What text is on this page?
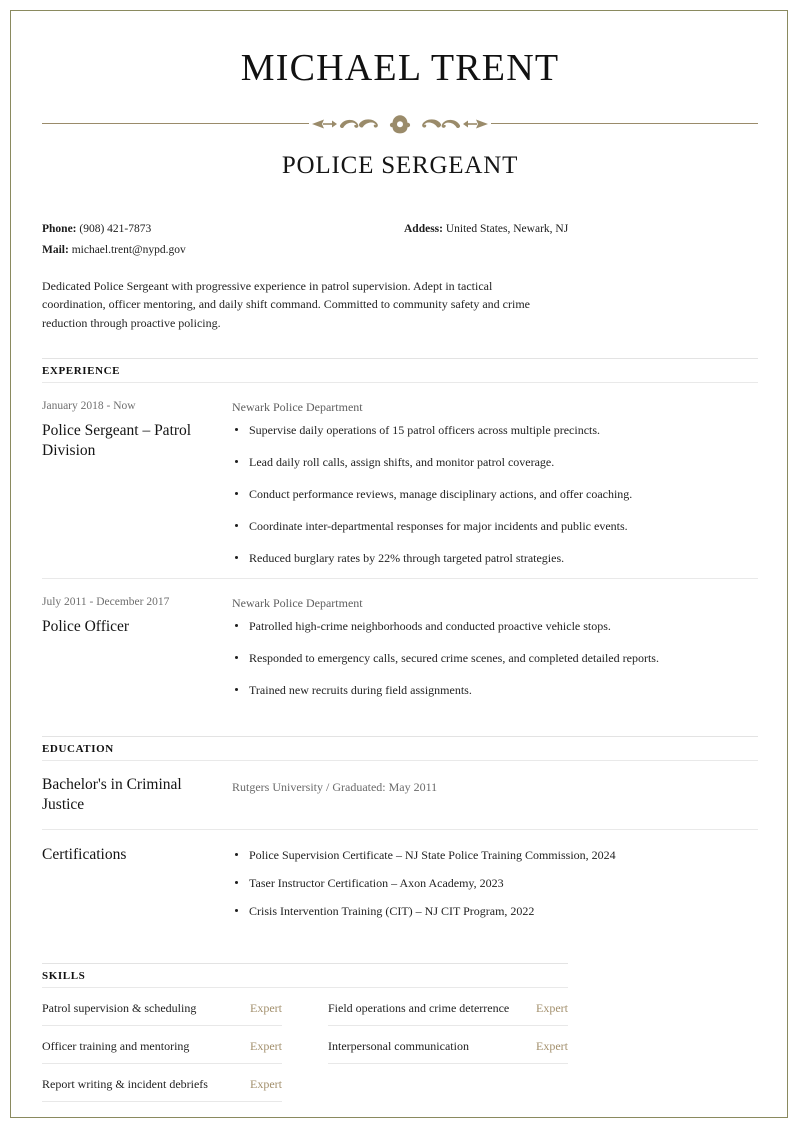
MICHAEL TRENT
POLICE SERGEANT
Phone: (908) 421-7873
Mail: michael.trent@nypd.gov
Addess: United States, Newark, NJ
Dedicated Police Sergeant with progressive experience in patrol supervision. Adept in tactical coordination, officer mentoring, and daily shift command. Committed to community safety and crime reduction through proactive policing.
EXPERIENCE
January 2018 - Now
Police Sergeant – Patrol Division
Newark Police Department
Supervise daily operations of 15 patrol officers across multiple precincts.
Lead daily roll calls, assign shifts, and monitor patrol coverage.
Conduct performance reviews, manage disciplinary actions, and offer coaching.
Coordinate inter-departmental responses for major incidents and public events.
Reduced burglary rates by 22% through targeted patrol strategies.
July 2011 - December 2017
Police Officer
Newark Police Department
Patrolled high-crime neighborhoods and conducted proactive vehicle stops.
Responded to emergency calls, secured crime scenes, and completed detailed reports.
Trained new recruits during field assignments.
EDUCATION
Bachelor's in Criminal Justice
Rutgers University / Graduated: May 2011
Certifications	Police Supervision Certificate – NJ State Police Training Commission, 2024
Taser Instructor Certification – Axon Academy, 2023
Crisis Intervention Training (CIT) – NJ CIT Program, 2022
SKILLS
Patrol supervision & scheduling	Expert
Officer training and mentoring	Expert
Report writing & incident debriefs	Expert
Field operations and crime deterrence	Expert
Interpersonal communication	Expert
